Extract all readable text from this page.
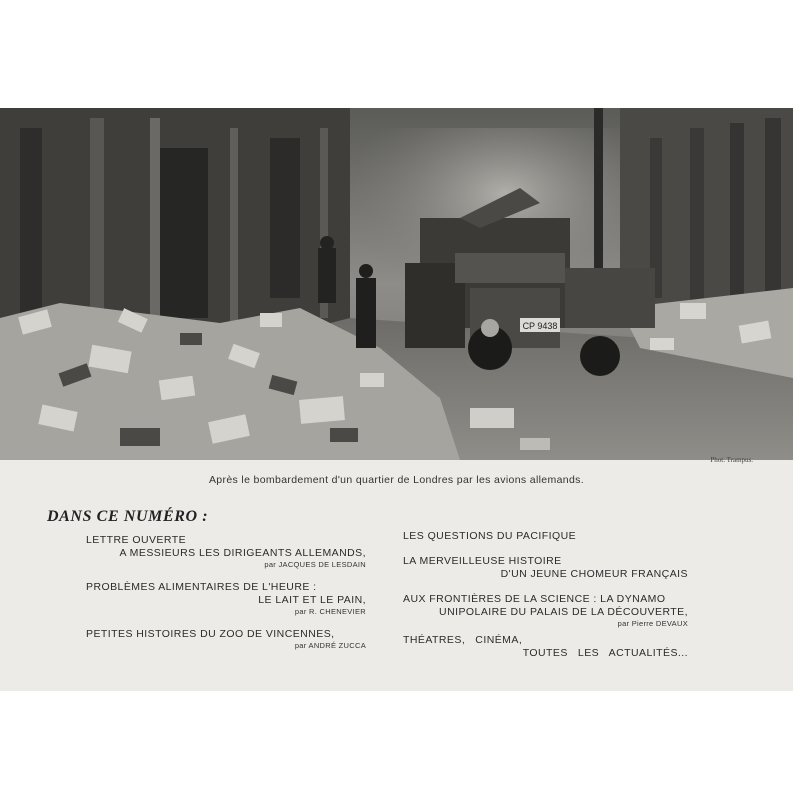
CP 9438
Phot. Trampus.
Après le bombardement d'un quartier de Londres par les avions allemands.
DANS CE NUMÉRO :
LETTRE OUVERTE
A MESSIEURS LES DIRIGEANTS ALLEMANDS,
par JACQUES DE LESDAIN
PROBLÈMES ALIMENTAIRES DE L'HEURE :
LE LAIT ET LE PAIN,
par R. CHENEVIER
PETITES HISTOIRES DU ZOO DE VINCENNES,
par ANDRÉ ZUCCA
LES QUESTIONS DU PACIFIQUE
LA MERVEILLEUSE HISTOIRE
D'UN JEUNE CHOMEUR FRANÇAIS
AUX FRONTIÈRES DE LA SCIENCE : LA DYNAMO
UNIPOLAIRE DU PALAIS DE LA DÉCOUVERTE,
par Pierre DEVAUX
THÉATRES,   CINÉMA,
TOUTES   LES   ACTUALITÉS...
